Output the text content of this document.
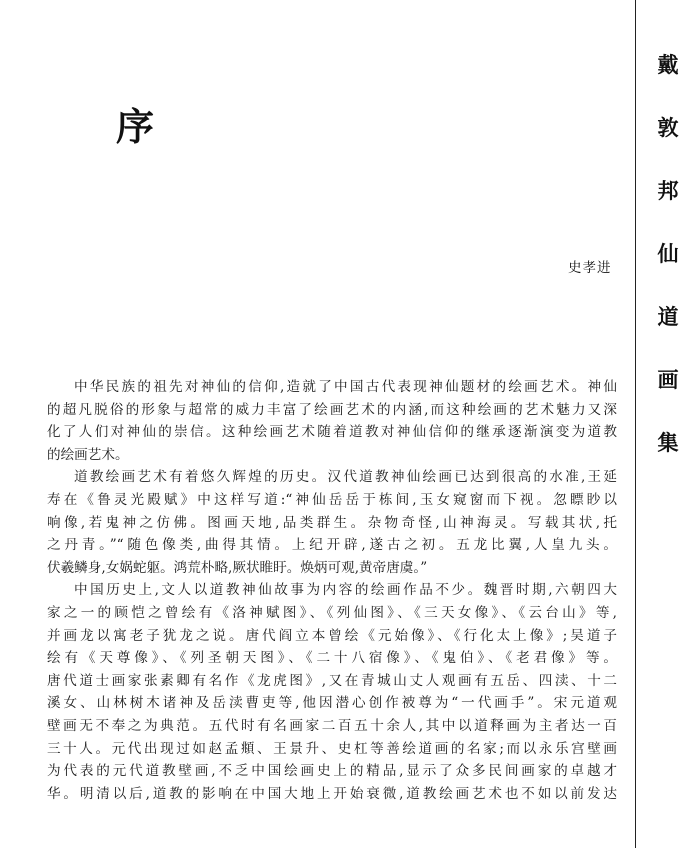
戴
敦
邦
仙
道
画
集
序
史孝进
中华民族的祖先对神仙的信仰,造就了中国古代表现神仙题材的绘画艺术。神仙
的超凡脱俗的形象与超常的威力丰富了绘画艺术的内涵,而这种绘画的艺术魅力又深
化了人们对神仙的崇信。这种绘画艺术随着道教对神仙信仰的继承逐渐演变为道教
的绘画艺术。
道教绘画艺术有着悠久辉煌的历史。汉代道教神仙绘画已达到很高的水准,王延
寿在《鲁灵光殿赋》中这样写道:“神仙岳岳于栋间,玉女窥窗而下视。忽瞟眇以
响像,若鬼神之仿佛。图画天地,品类群生。杂物奇怪,山神海灵。写载其状,托
之丹青。”“随色像类,曲得其情。上纪开辟,遂古之初。五龙比翼,人皇九头。
伏羲鳞身,女娲蛇躯。鸿荒朴略,厥状睢盱。焕炳可观,黄帝唐虞。”
中国历史上,文人以道教神仙故事为内容的绘画作品不少。魏晋时期,六朝四大
家之一的顾恺之曾绘有《洛神赋图》、《列仙图》、《三天女像》、《云台山》等,
并画龙以寓老子犹龙之说。唐代阎立本曾绘《元始像》、《行化太上像》;吴道子
绘有《天尊像》、《列圣朝天图》、《二十八宿像》、《鬼伯》、《老君像》等。
唐代道士画家张素卿有名作《龙虎图》,又在青城山丈人观画有五岳、四渎、十二
溪女、山林树木诸神及岳渎曹吏等,他因潜心创作被尊为“一代画手”。宋元道观
壁画无不奉之为典范。五代时有名画家二百五十余人,其中以道释画为主者达一百
三十人。元代出现过如赵孟頫、王景升、史杠等善绘道画的名家;而以永乐宫壁画
为代表的元代道教壁画,不乏中国绘画史上的精品,显示了众多民间画家的卓越才
华。明清以后,道教的影响在中国大地上开始衰微,道教绘画艺术也不如以前发达
